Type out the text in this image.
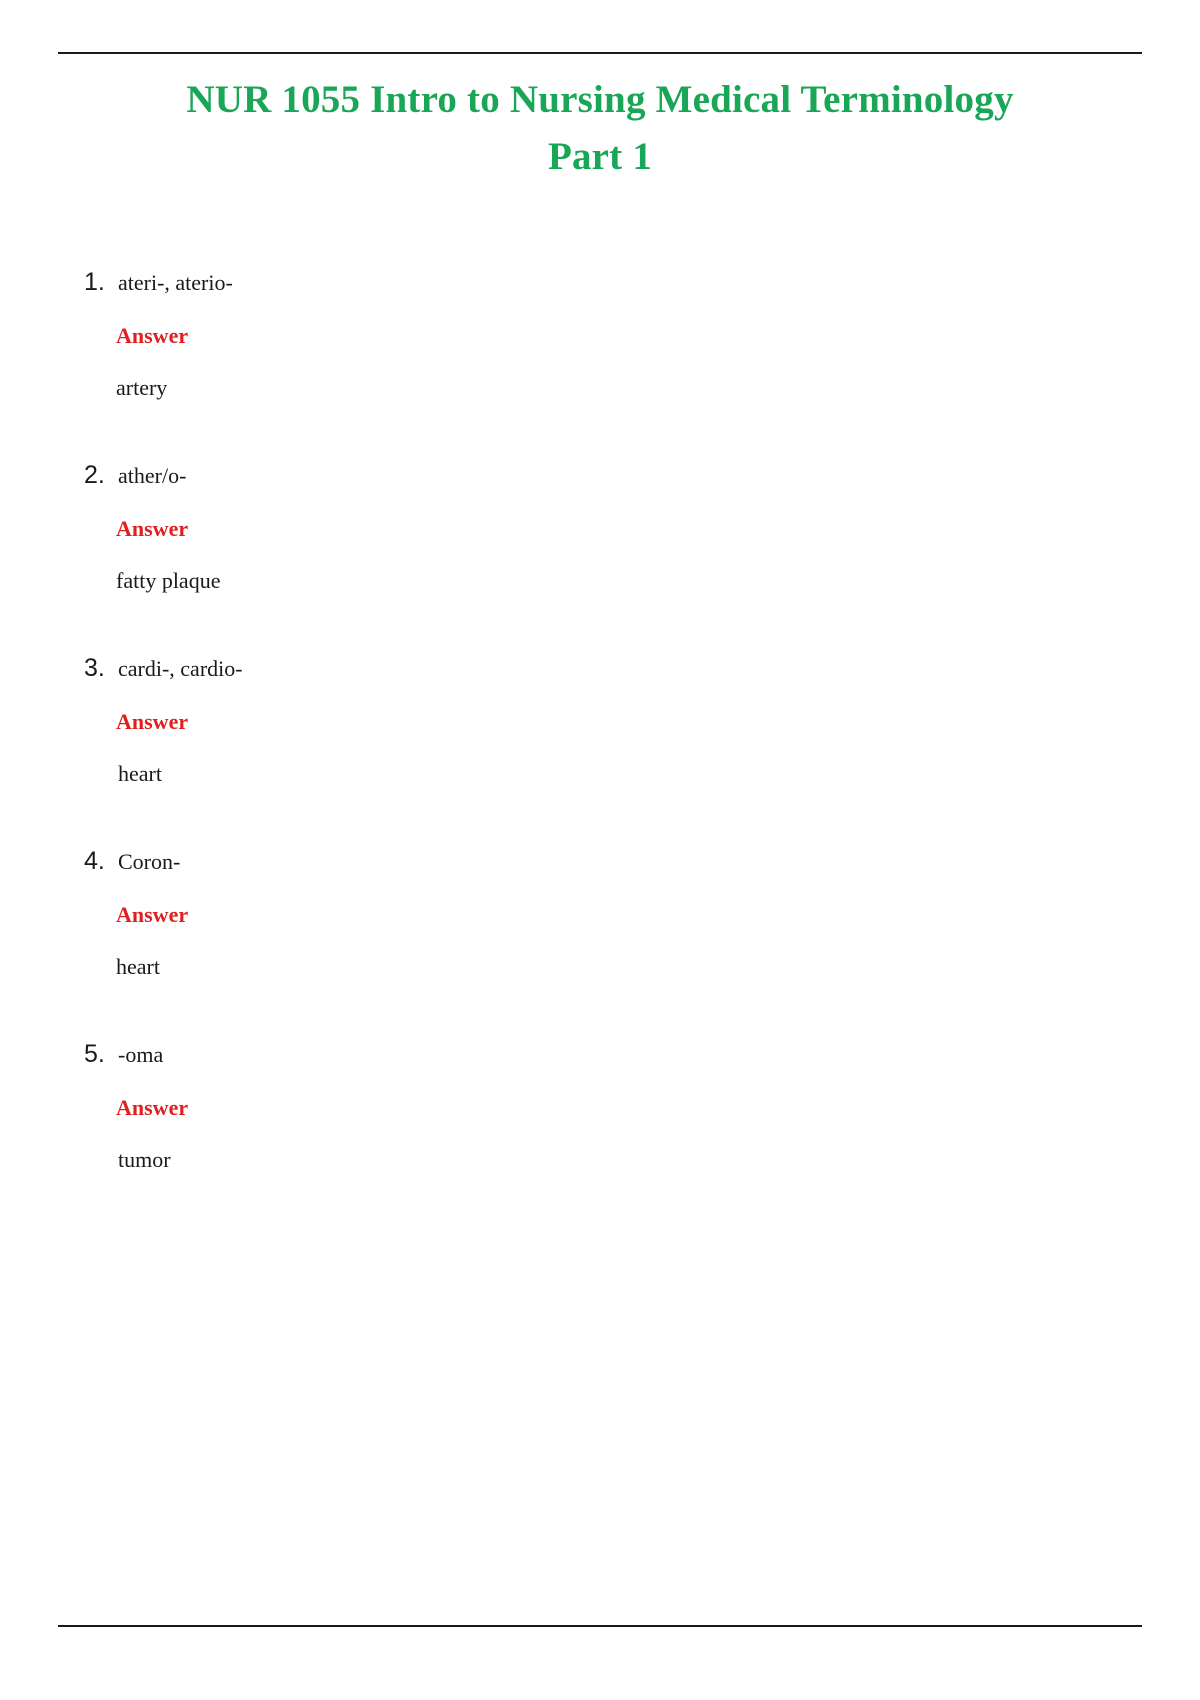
NUR 1055 Intro to Nursing Medical Terminology Part 1
1. ateri-, aterio-
Answer
artery
2. ather/o-
Answer
fatty plaque
3. cardi-, cardio-
Answer
heart
4. Coron-
Answer
heart
5. -oma
Answer
tumor
